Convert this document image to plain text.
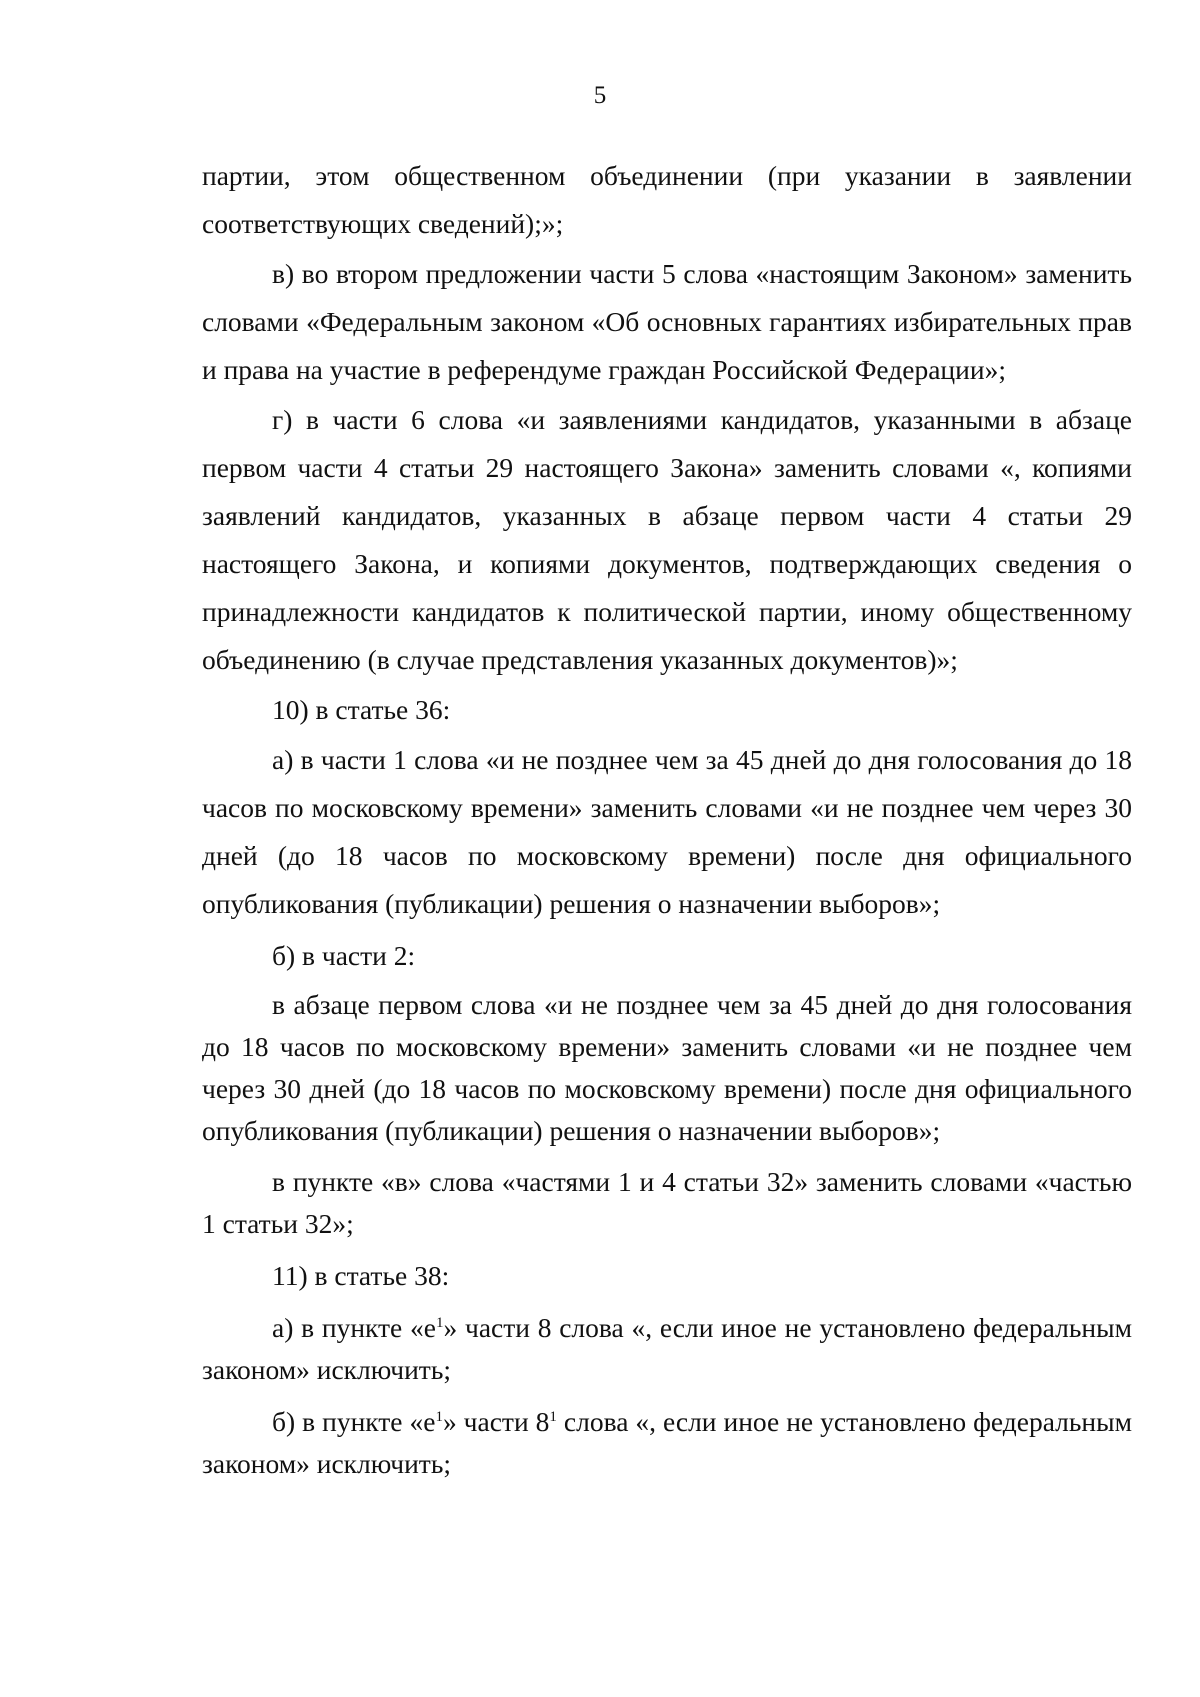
5

партии, этом общественном объединении (при указании в заявлении соответствующих сведений);»;

в) во втором предложении части 5 слова «настоящим Законом» заменить словами «Федеральным законом «Об основных гарантиях избирательных прав и права на участие в референдуме граждан Российской Федерации»;

г) в части 6 слова «и заявлениями кандидатов, указанными в абзаце первом части 4 статьи 29 настоящего Закона» заменить словами «, копиями заявлений кандидатов, указанных в абзаце первом части 4 статьи 29 настоящего Закона, и копиями документов, подтверждающих сведения о принадлежности кандидатов к политической партии, иному общественному объединению (в случае представления указанных документов)»;

10) в статье 36:

а) в части 1 слова «и не позднее чем за 45 дней до дня голосования до 18 часов по московскому времени» заменить словами «и не позднее чем через 30 дней (до 18 часов по московскому времени) после дня официального опубликования (публикации) решения о назначении выборов»;

б) в части 2:

в абзаце первом слова «и не позднее чем за 45 дней до дня голосования до 18 часов по московскому времени» заменить словами «и не позднее чем через 30 дней (до 18 часов по московскому времени) после дня официального опубликования (публикации) решения о назначении выборов»;

в пункте «в» слова «частями 1 и 4 статьи 32» заменить словами «частью 1 статьи 32»;

11) в статье 38:

а) в пункте «$е^1$» части 8 слова «, если иное не установлено федеральным законом» исключить;

б) в пункте «$е^1$» части $8^1$ слова «, если иное не установлено федеральным законом» исключить;
